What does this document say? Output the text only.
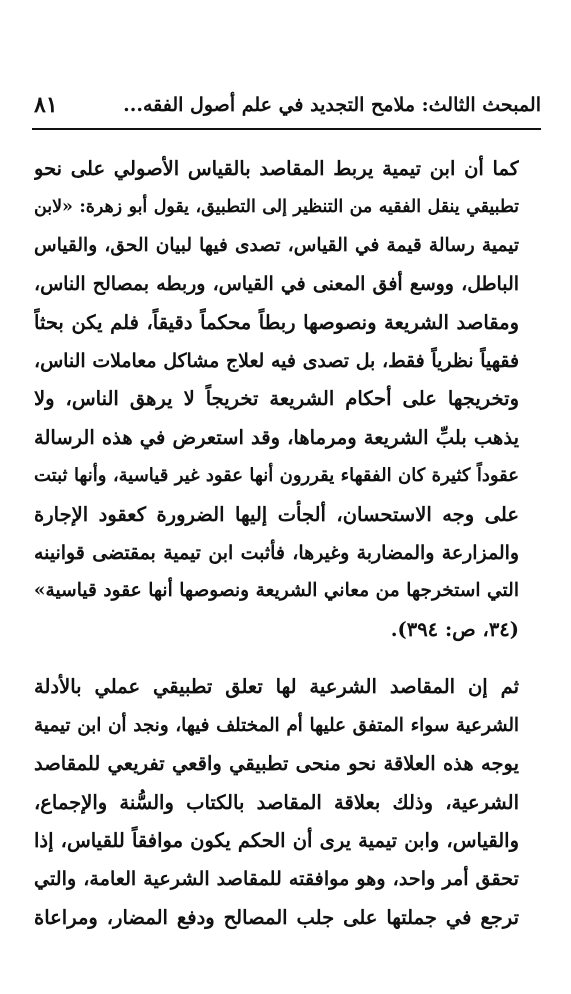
المبحث الثالث: ملامح التجديد في علم أصول الفقه...
٨١

كما أن ابن تيمية يربط المقاصد بالقياس الأصولي على نحو
تطبيقي ينقل الفقيه من التنظير إلى التطبيق، يقول أبو زهرة: «لابن
تيمية رسالة قيمة في القياس، تصدى فيها لبيان الحق، والقياس
الباطل، ووسع أفق المعنى في القياس، وربطه بمصالح الناس،
ومقاصد الشريعة ونصوصها ربطاً محكماً دقيقاً، فلم يكن بحثاً
فقهياً نظرياً فقط، بل تصدى فيه لعلاج مشاكل معاملات الناس،
وتخريجها على أحكام الشريعة تخريجاً لا يرهق الناس، ولا
يذهب بلبِّ الشريعة ومرماها، وقد استعرض في هذه الرسالة
عقوداً كثيرة كان الفقهاء يقررون أنها عقود غير قياسية، وأنها ثبتت
على وجه الاستحسان، ألجأت إليها الضرورة كعقود الإجارة
والمزارعة والمضاربة وغيرها، فأثبت ابن تيمية بمقتضى قوانينه
التي استخرجها من معاني الشريعة ونصوصها أنها عقود قياسية»
(٣٤، ص: ٣٩٤).

ثم إن المقاصد الشرعية لها تعلق تطبيقي عملي بالأدلة
الشرعية سواء المتفق عليها أم المختلف فيها، ونجد أن ابن تيمية
يوجه هذه العلاقة نحو منحى تطبيقي واقعي تفريعي للمقاصد
الشرعية، وذلك بعلاقة المقاصد بالكتاب والسُّنة والإجماع،
والقياس، وابن تيمية يرى أن الحكم يكون موافقاً للقياس، إذا
تحقق أمر واحد، وهو موافقته للمقاصد الشرعية العامة، والتي
ترجع في جملتها على جلب المصالح ودفع المضار، ومراعاة
